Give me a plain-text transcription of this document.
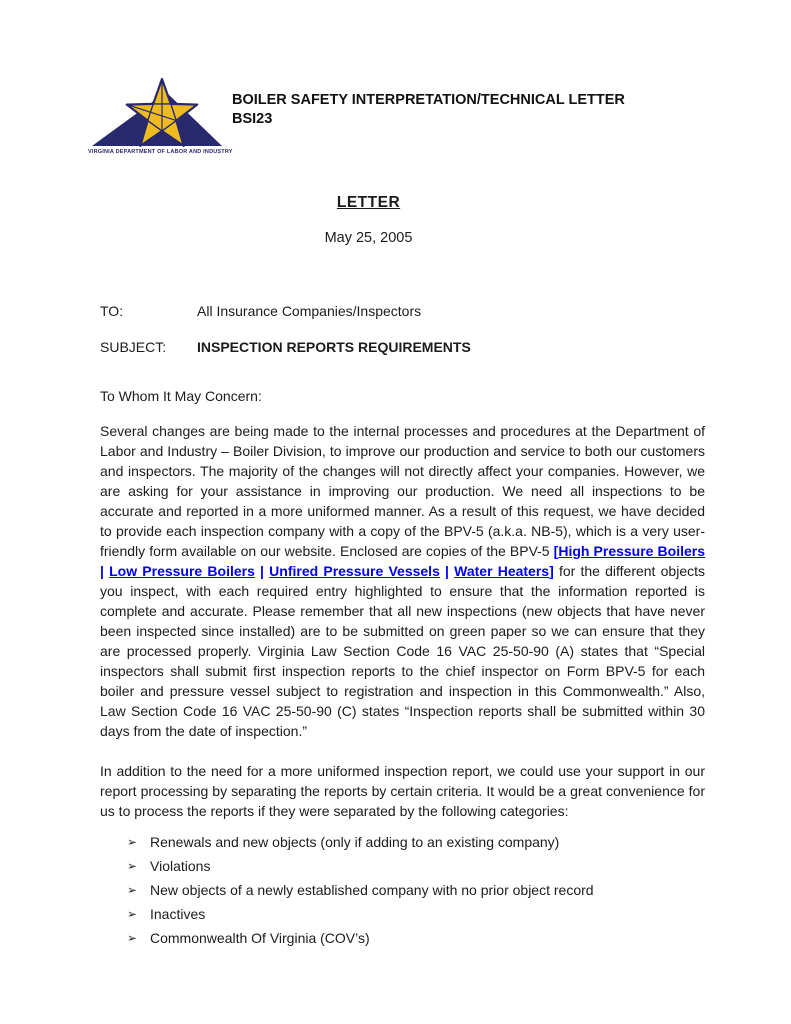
VIRGINIA DEPARTMENT OF LABOR AND INDUSTRY
BOILER SAFETY INTERPRETATION/TECHNICAL LETTER
BSI23
LETTER
May 25, 2005
TO:	All Insurance Companies/Inspectors
SUBJECT:	INSPECTION REPORTS REQUIREMENTS
To Whom It May Concern:
Several changes are being made to the internal processes and procedures at the Department of Labor and Industry – Boiler Division, to improve our production and service to both our customers and inspectors. The majority of the changes will not directly affect your companies. However, we are asking for your assistance in improving our production. We need all inspections to be accurate and reported in a more uniformed manner. As a result of this request, we have decided to provide each inspection company with a copy of the BPV-5 (a.k.a. NB-5), which is a very user-friendly form available on our website. Enclosed are copies of the BPV-5 [High Pressure Boilers | Low Pressure Boilers | Unfired Pressure Vessels | Water Heaters] for the different objects you inspect, with each required entry highlighted to ensure that the information reported is complete and accurate. Please remember that all new inspections (new objects that have never been inspected since installed) are to be submitted on green paper so we can ensure that they are processed properly. Virginia Law Section Code 16 VAC 25-50-90 (A) states that “Special inspectors shall submit first inspection reports to the chief inspector on Form BPV-5 for each boiler and pressure vessel subject to registration and inspection in this Commonwealth.” Also, Law Section Code 16 VAC 25-50-90 (C) states “Inspection reports shall be submitted within 30 days from the date of inspection.”
In addition to the need for a more uniformed inspection report, we could use your support in our report processing by separating the reports by certain criteria. It would be a great convenience for us to process the reports if they were separated by the following categories:
➢ Renewals and new objects (only if adding to an existing company)
➢ Violations
➢ New objects of a newly established company with no prior object record
➢ Inactives
➢ Commonwealth Of Virginia (COV’s)
